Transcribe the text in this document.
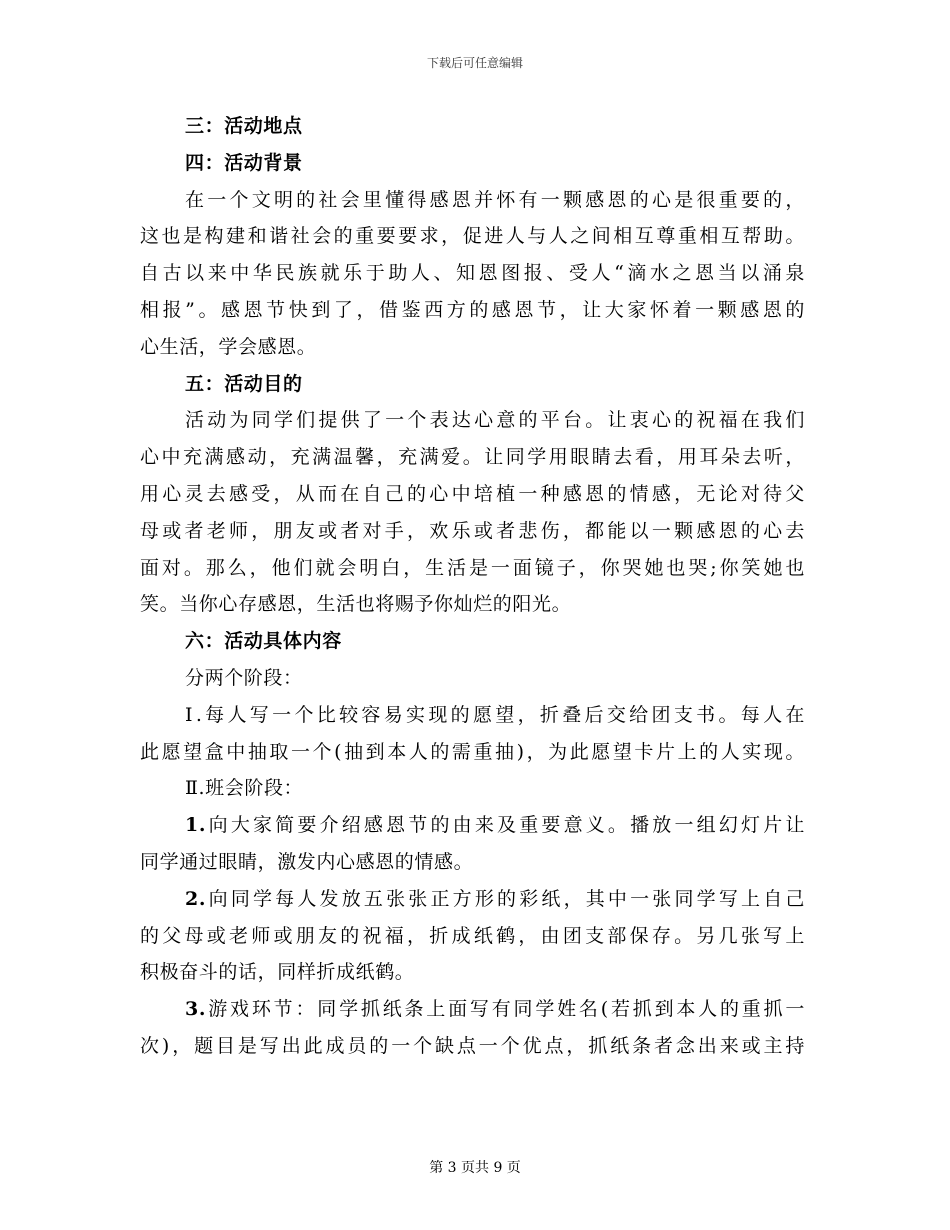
下载后可任意编辑
三：活动地点
四：活动背景
在一个文明的社会里懂得感恩并怀有一颗感恩的心是很重要的，
这也是构建和谐社会的重要要求，促进人与人之间相互尊重相互帮助。
自古以来中华民族就乐于助人、知恩图报、受人“滴水之恩当以涌泉
相报”。感恩节快到了，借鉴西方的感恩节，让大家怀着一颗感恩的
心生活，学会感恩。
五：活动目的
活动为同学们提供了一个表达心意的平台。让衷心的祝福在我们
心中充满感动，充满温馨，充满爱。让同学用眼睛去看，用耳朵去听，
用心灵去感受，从而在自己的心中培植一种感恩的情感，无论对待父
母或者老师，朋友或者对手，欢乐或者悲伤，都能以一颗感恩的心去
面对。那么，他们就会明白，生活是一面镜子，你哭她也哭;你笑她也
笑。当你心存感恩，生活也将赐予你灿烂的阳光。
六：活动具体内容
分两个阶段：
Ⅰ.每人写一个比较容易实现的愿望，折叠后交给团支书。每人在
此愿望盒中抽取一个(抽到本人的需重抽)，为此愿望卡片上的人实现。
Ⅱ.班会阶段：
1.向大家简要介绍感恩节的由来及重要意义。播放一组幻灯片让
同学通过眼睛，激发内心感恩的情感。
2.向同学每人发放五张张正方形的彩纸，其中一张同学写上自己
的父母或老师或朋友的祝福，折成纸鹤，由团支部保存。另几张写上
积极奋斗的话，同样折成纸鹤。
3.游戏环节：同学抓纸条上面写有同学姓名(若抓到本人的重抓一
次)，题目是写出此成员的一个缺点一个优点，抓纸条者念出来或主持
第 3 页共 9 页
